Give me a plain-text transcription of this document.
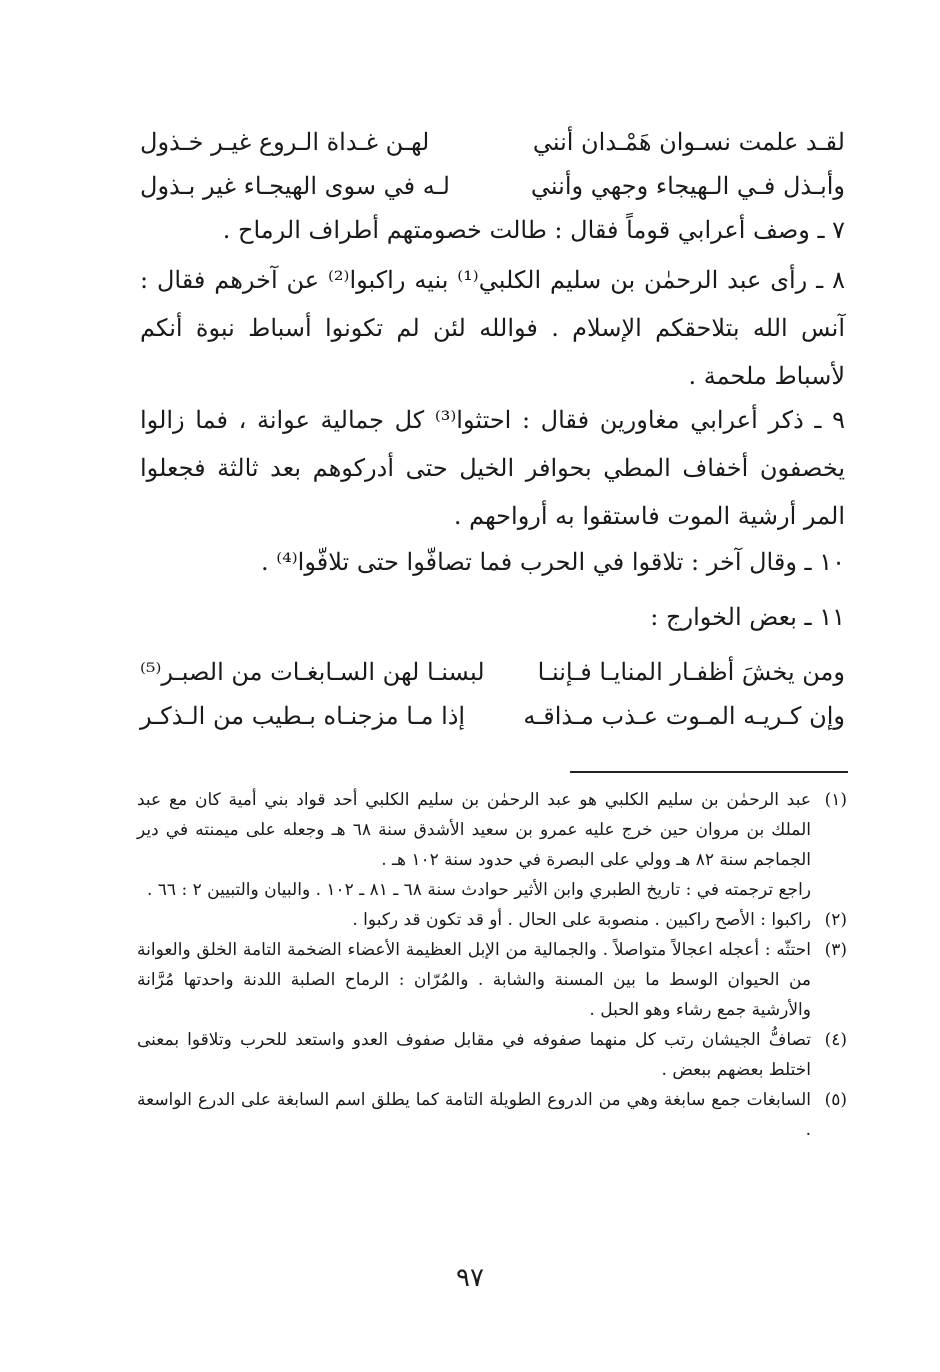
لقـد علمت نسـوان هَمْـدان أنني
لهـن غـداة الـروع غيـر خـذول
وأبـذل فـي الـهيجاء وجهي وأنني
لـه في سوى الهيجـاء غير بـذول

٧ ـ وصف أعرابي قوماً فقال : طالت خصومتهم أطراف الرماح .

٨ ـ رأى عبد الرحمٰن بن سليم الكلبي⁽¹⁾ بنيه راكبوا⁽²⁾ عن آخرهم فقال : آنس الله بتلاحقكم الإسلام . فوالله لئن لم تكونوا أسباط نبوة أنكم لأسباط ملحمة .

٩ ـ ذكر أعرابي مغاورين فقال : احتثوا⁽³⁾ كل جمالية عوانة ، فما زالوا يخصفون أخفاف المطي بحوافر الخيل حتى أدركوهم بعد ثالثة فجعلوا المر أرشية الموت فاستقوا به أرواحهم .

١٠ ـ وقال آخر : تلاقوا في الحرب فما تصافّوا حتى تلافّوا⁽⁴⁾ .

١١ ـ بعض الخوارج :

ومن يخشَ أظفـار المنايـا فـإننـا
لبسنـا لهن السـابغـات من الصبـر⁽⁵⁾
وإن كـريـه المـوت عـذب مـذاقـه
إذا مـا مزجنـاه بـطيب من الـذكـر
(١)
عبد الرحمٰن بن سليم الكلبي هو عبد الرحمٰن بن سليم الكلبي أحد قواد بني أمية كان مع عبد الملك بن مروان حين خرج عليه عمرو بن سعيد الأشدق سنة ٦٨ هـ وجعله على ميمنته في دير الجماجم سنة ٨٢ هـ وولي على البصرة في حدود سنة ١٠٢ هـ .
راجع ترجمته في : تاريخ الطبري وابن الأثير حوادث سنة ٦٨ ـ ٨١ ـ ١٠٢ . والبيان والتبيين ٢ : ٦٦ .
(٢)
راكبوا : الأصح راكبين . منصوبة على الحال . أو قد تكون قد ركبوا .
(٣)
احتثّه : أعجله اعجالاً متواصلاً . والجمالية من الإبل العظيمة الأعضاء الضخمة التامة الخلق والعوانة من الحيوان الوسط ما بين المسنة والشابة . والمُرّان : الرماح الصلبة اللدنة واحدتها مُرَّانة والأرشية جمع رشاء وهو الحبل .
(٤)
تصافُّ الجيشان رتب كل منهما صفوفه في مقابل صفوف العدو واستعد للحرب وتلاقوا بمعنى اختلط بعضهم ببعض .
(٥)
السابغات جمع سابغة وهي من الدروع الطويلة التامة كما يطلق اسم السابغة على الدرع الواسعة .
٩٧
